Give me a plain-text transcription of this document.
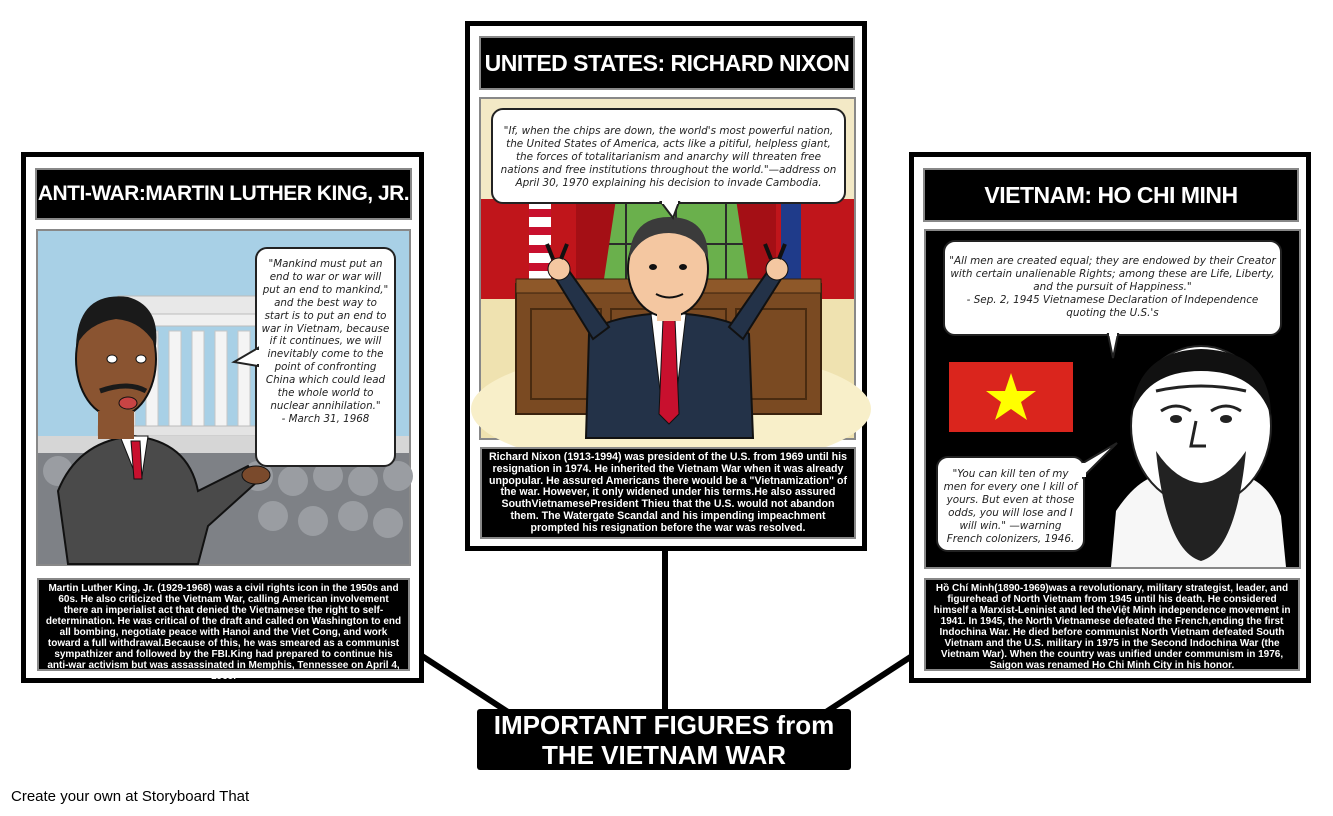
ANTI-WAR:MARTIN LUTHER KING, JR.
"Mankind must put an
end to war or war will
put an end to mankind,"
and the best way to
start is to put an end to
war in Vietnam, because
if it continues, we will
inevitably come to the
point of confronting
China which could lead
the whole world to
nuclear annihilation."
- March 31, 1968
Martin Luther King, Jr. (1929-1968) was a civil rights icon in the 1950s and 60s. He also criticized the Vietnam War, calling American involvement there an imperialist act that denied the Vietnamese the right to self-determination. He was critical of the draft and called on Washington to end all bombing, negotiate peace with Hanoi and the Viet Cong, and work toward a full withdrawal.Because of this, he was smeared as a communist sympathizer and followed by the FBI.King had prepared to continue his anti-war activism but was assassinated in Memphis, Tennessee on April 4, 1968.
UNITED STATES: RICHARD NIXON
"If, when the chips are down, the world's most powerful nation,
the United States of America, acts like a pitiful, helpless giant,
the forces of totalitarianism and anarchy will threaten free
nations and free institutions throughout the world."—address on
April 30, 1970 explaining his decision to invade Cambodia.
Richard Nixon (1913-1994) was president of the U.S. from 1969 until his resignation in 1974. He inherited the Vietnam War when it was already unpopular. He assured Americans there would be a "Vietnamization" of the war. However, it only widened under his terms.He also assured SouthVietnamesePresident Thieu that the U.S. would not abandon them. The Watergate Scandal and his impending impeachment prompted his resignation before the war was resolved.
VIETNAM: HO CHI MINH
"All men are created equal; they are endowed by their Creator
with certain unalienable Rights; among these are Life, Liberty,
and the pursuit of Happiness."
- Sep. 2, 1945 Vietnamese Declaration of Independence
quoting the U.S.'s
"You can kill ten of my
men for every one I kill of
yours. But even at those
odds, you will lose and I
will win." —warning
French colonizers, 1946.
Hồ Chí Minh(1890-1969)was a revolutionary, military strategist, leader, and figurehead of North Vietnam from 1945 until his death. He considered himself a Marxist-Leninist and led theViệt Minh independence movement in 1941. In 1945, the North Vietnamese defeated the French,ending the first Indochina War. He died before communist North Vietnam defeated South Vietnam and the U.S. military in 1975 in the Second Indochina War (the Vietnam War). When the country was unified under communism in 1976, Saigon was renamed Ho Chi Minh City in his honor.
IMPORTANT FIGURES from THE VIETNAM WAR
Create your own at Storyboard That
